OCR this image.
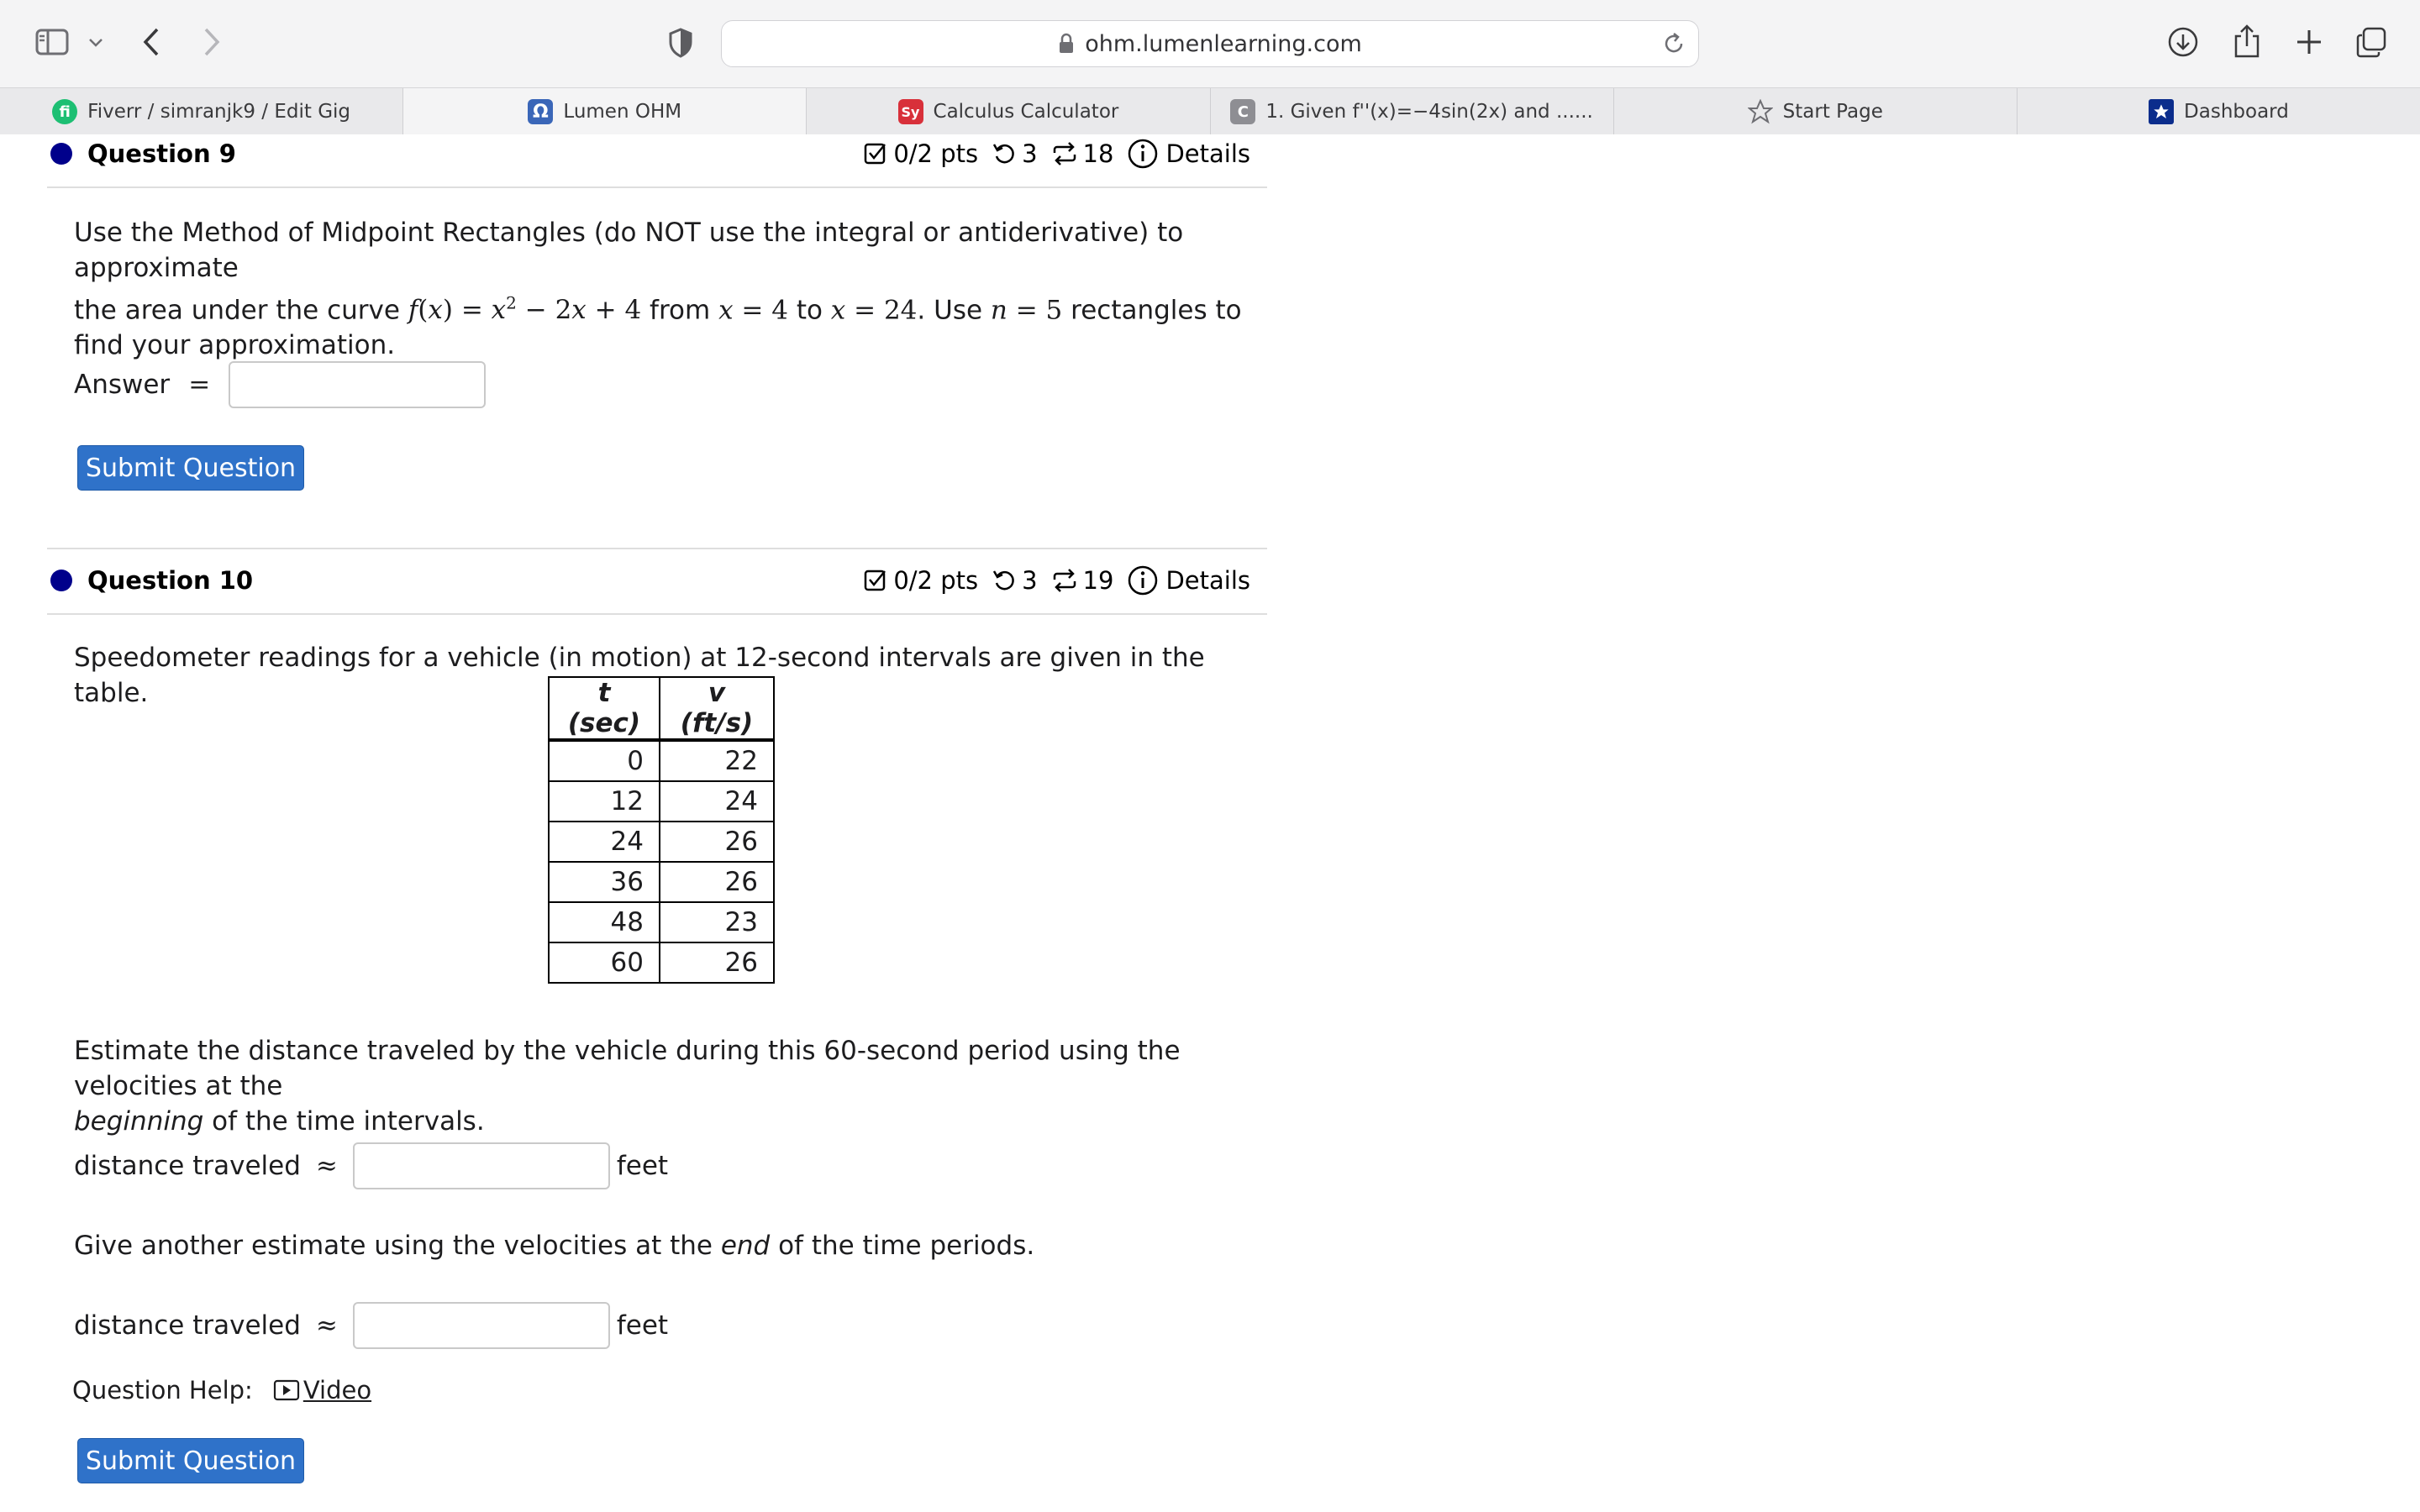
ohm.lumenlearning.com
fi Fiverr / simranjk9 / Edit Gig	Ω Lumen OHM	Sy Calculus Calculator	C 1. Given f''(x)=−4sin(2x) and ......	Start Page	Dashboard
Question 9	0/2 pts 3 18 Details

Use the Method of Midpoint Rectangles (do NOT use the integral or antiderivative) to approximate
the area under the curve $f(x) = x^2 - 2x + 4$ from x = 4 to x = 24. Use n = 5 rectangles to
find your approximation.

Answer =
Submit Question
Question 10	0/2 pts 3 19 Details

Speedometer readings for a vehicle (in motion) at 12-second intervals are given in the table.	t (sec)	v (ft/s)
0	22
12	24
24	26
36	26
48	23
60	26

Estimate the distance traveled by the vehicle during this 60-second period using the velocities at the
beginning of the time intervals.

distance traveled ≈	feet

Give another estimate using the velocities at the end of the time periods.

distance traveled ≈	feet
Question Help: Video
Submit Question
